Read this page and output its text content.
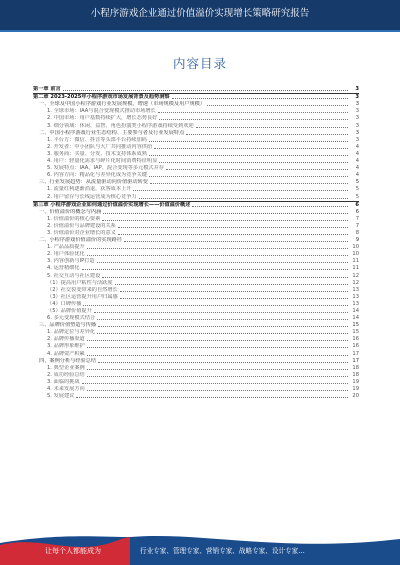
小程序游戏企业通过价值溢价实现增长策略研究报告
内容目录
第一章 前言	3
第二章 2023-2025年小程序游戏市场发展背景及趋势洞察	3
一、全球及中国小程序游戏行业发展规模、增速（市场规模及用户规模）	3
1. 全球市场：IAA与混合变现模式推动市场增长	3
2. 中国市场：用户基数持续扩大，增长态势良好	3
3. 细分领域：休闲、益智、角色扮演类小程序游戏持续受到欢迎	3
二、中国小程序游戏行业生态结构、主要参与者及行业发展特点	3
1. 平台方：微信、抖音等头部平台持续加码	3
2. 开发者：中小团队与大厂共同推动内容供给	4
3. 服务商：买量、分发、技术支持体系成熟	4
4. 用户：轻量化需求与碎片化时间消费特征明显	4
5. 发展特点：IAA、IAP、混合变现等多元模式并存	4
6. 内容方向：精品化与差异化成为竞争关键	4
三、行业发展趋势：从流量驱动向价值驱动转变	5
1. 流量红利逐渐消退，获客成本上升	5
2. 用户留存与长线运营成为核心竞争力	5
第三章 小程序游戏企业如何通过价值溢价实现增长——价值溢价概述	6
一、价值溢价的概念与内涵	6
1. 价值溢价的核心要素	7
2. 价值溢价与品牌建设的关系	7
3. 价值溢价对企业增长的意义	8
二、小程序游戏价值溢价的实现路径	9
1. 产品品质提升	10
2. 用户体验优化	10
3. 内容创新与IP打造	11
4. 运营精细化	11
5. 社交互动与社区建设	12
（1）提高用户粘性与活跃度	12
（2）社交裂变带来的自然增长	13
（3）社区运营提升用户归属感	13
（4）口碑传播	13
（5）品牌价值提升	14
6. 多元变现模式结合	14
三、品牌价值塑造与传播	15
1. 品牌定位与差异化	15
2. 品牌传播渠道	16
3. 品牌形象维护	16
4. 品牌资产积累	17
四、案例分析与经验总结	17
1. 典型企业案例	18
2. 成功经验总结	18
3. 面临的挑战	19
4. 未来发展方向	19
5. 发展建议	20
让每个人都能成为	行业专家、管理专家、营销专家、战略专家、设计专家…
